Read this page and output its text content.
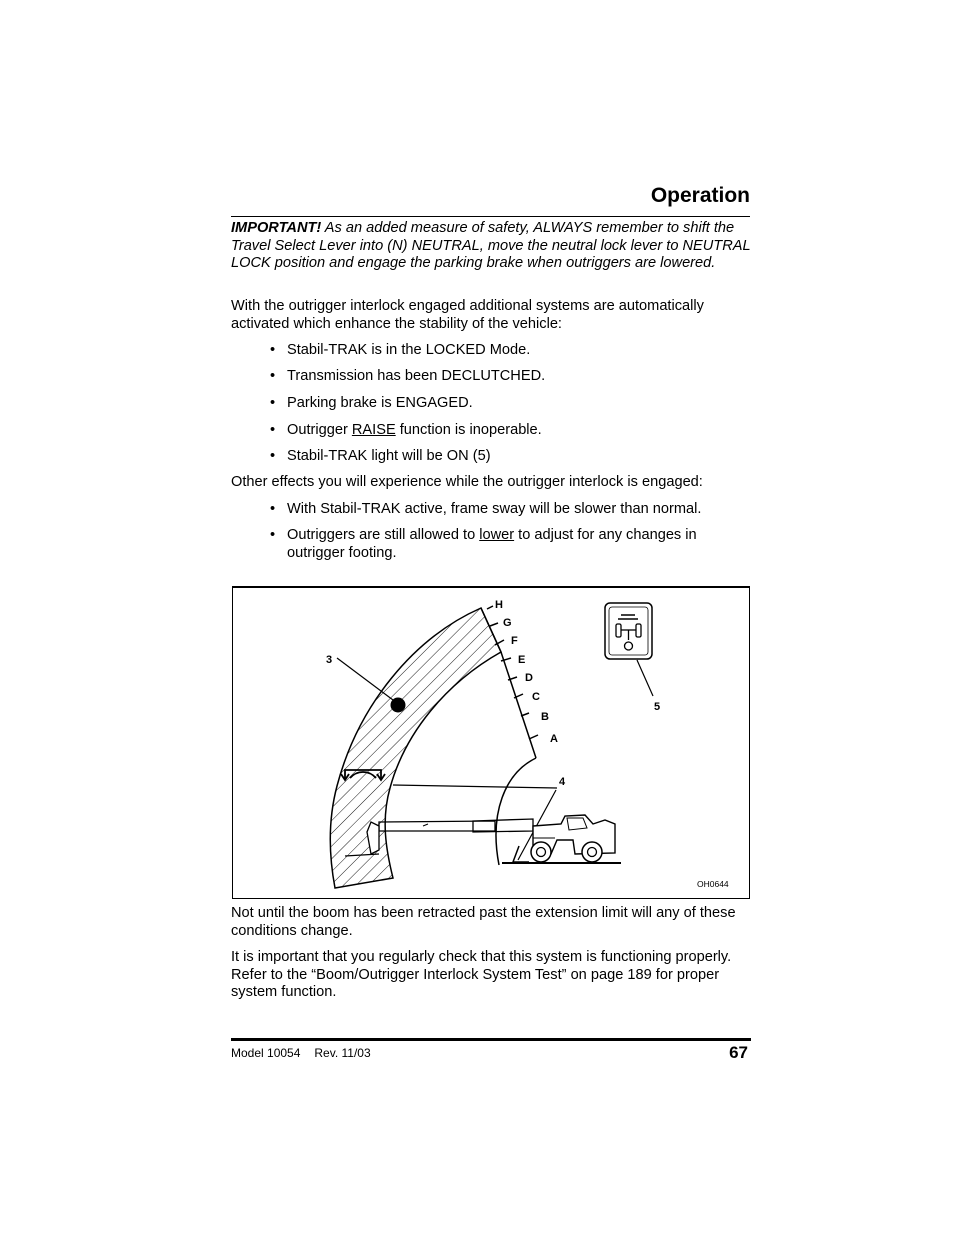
Operation
IMPORTANT! As an added measure of safety, ALWAYS remember to shift the Travel Select Lever into (N) NEUTRAL, move the neutral lock lever to NEUTRAL LOCK position and engage the parking brake when outriggers are lowered.
With the outrigger interlock engaged additional systems are automatically activated which enhance the stability of the vehicle:
• Stabil-TRAK is in the LOCKED Mode.
• Transmission has been DECLUTCHED.
• Parking brake is ENGAGED.
• Outrigger RAISE function is inoperable.
• Stabil-TRAK light will be ON (5)
Other effects you will experience while the outrigger interlock is engaged:
• With Stabil-TRAK active, frame sway will be slower than normal.
• Outriggers are still allowed to lower to adjust for any changes in outrigger footing.
H
G
F
E
D
C
B
A
3
4
5
OH0644
Not until the boom has been retracted past the extension limit will any of these conditions change.
It is important that you regularly check that this system is functioning properly. Refer to the “Boom/Outrigger Interlock System Test” on page 189 for proper system function.
Model 10054 Rev. 11/03	67
